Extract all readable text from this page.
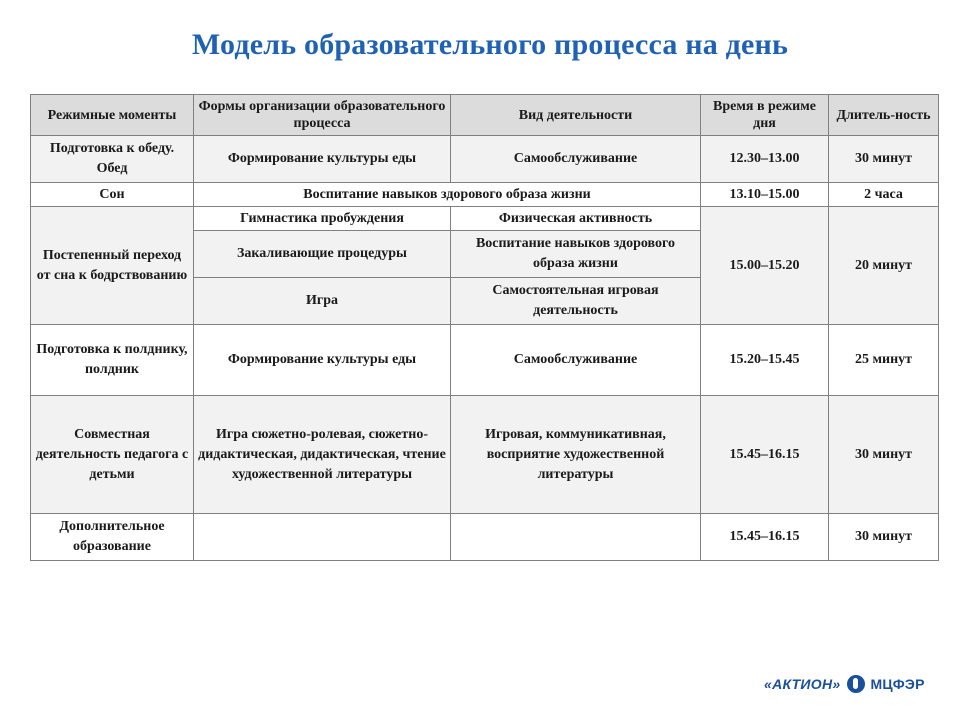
Модель образовательного процесса на день
Режимные моменты	Формы организации образовательного процесса	Вид деятельности	Время в режиме дня	Длитель-ность
Подготовка к обеду. Обед	Формирование культуры еды	Самообслуживание	12.30–13.00	30 минут
Сон	Воспитание навыков здорового образа жизни		13.10–15.00	2 часа
Постепенный переход от сна к бодрствованию	Гимнастика пробуждения	Физическая активность	15.00–15.20	20 минут
	Закаливающие процедуры	Воспитание навыков здорового образа жизни		
	Игра	Самостоятельная игровая деятельность		
Подготовка к полднику, полдник	Формирование культуры еды	Самообслуживание	15.20–15.45	25 минут
Совместная деятельность педагога с детьми	Игра сюжетно-ролевая, сюжетно-дидактическая, дидактическая, чтение художественной литературы	Игровая, коммуникативная, восприятие художественной литературы	15.45–16.15	30 минут
Дополнительное образование			15.45–16.15	30 минут
«АКТИОН» МЦФЭР
